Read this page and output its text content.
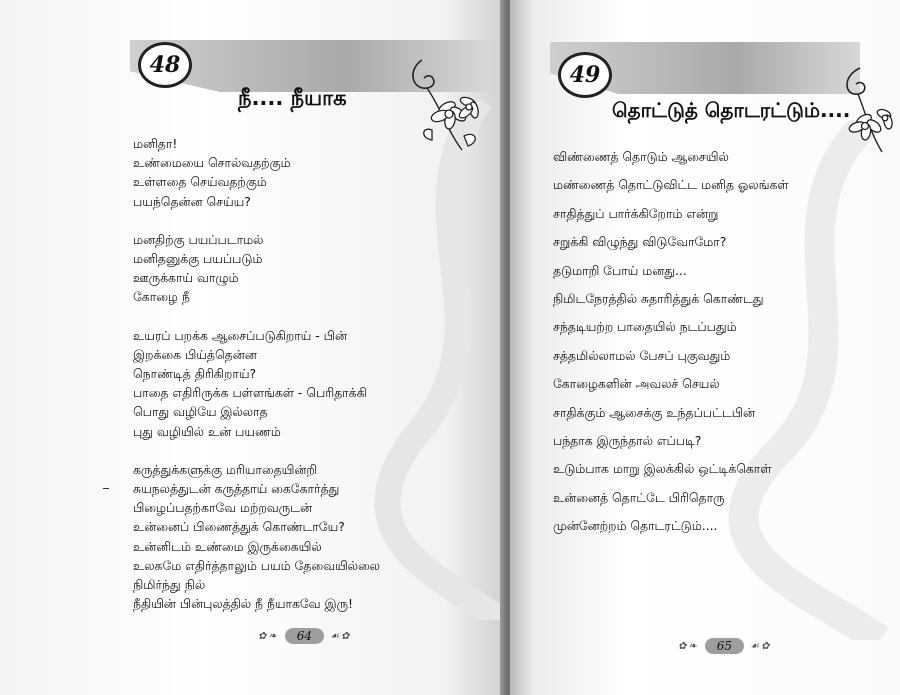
48
நீ.... நீயாக
மனிதா!
உண்மையை சொல்வதற்கும்
உள்ளதை செய்வதற்கும்
பயந்தென்ன செய்ய?
மனதிற்கு பயப்படாமல்
மனிதனுக்கு பயப்படும்
ஊருக்காய் வாழும்
கோழை நீ
உயரப் பறக்க ஆசைப்படுகிறாய் - பின்
இறக்கை பிய்த்தென்ன
நொண்டித் திரிகிறாய்?
பாதை எதிரிருக்க பள்ளங்கள் - பெரிதாக்கி
பொது வழியே இல்லாத
புது வழியில் உன் பயணம்
கருத்துக்களுக்கு மரியாதையின்றி
சுயநலத்துடன் கருத்தாய் கைகோர்த்து
பிழைப்பதற்காவே மற்றவருடன்
உன்னைப் பிணைத்துக் கொண்டாயே?
உன்னிடம் உண்மை இருக்கையில்
உலகமே எதிர்த்தாலும் பயம் தேவையில்லை
நிமிர்ந்து நில்
நீதியின் பின்புலத்தில் நீ நீயாகவே இரு!
✿❧	64	☙✿
49
தொட்டுத் தொடரட்டும்....
விண்ணைத் தொடும் ஆசையில்
மண்ணைத் தொட்டுவிட்ட மனித ஓலங்கள்
சாதித்துப் பார்க்கிறோம் என்று
சறுக்கி விழுந்து விடுவோமோ?
தடுமாறி போய் மனது...
நிமிடநேரத்தில் சுதாரித்துக் கொண்டது
சந்தடியற்ற பாதையில் நடப்பதும்
சத்தமில்லாமல் பேசப் புகுவதும்
கோழைகளின் அவலச் செயல்
சாதிக்கும் ஆசைக்கு உந்தப்பட்டபின்
பந்தாக இருந்தால் எப்படி?
உடும்பாக மாறு இலக்கில் ஒட்டிக்கொள்
உன்னைத் தொட்டே பிரிதொரு
முன்னேற்றம் தொடரட்டும்....
✿❧	65	☙✿
